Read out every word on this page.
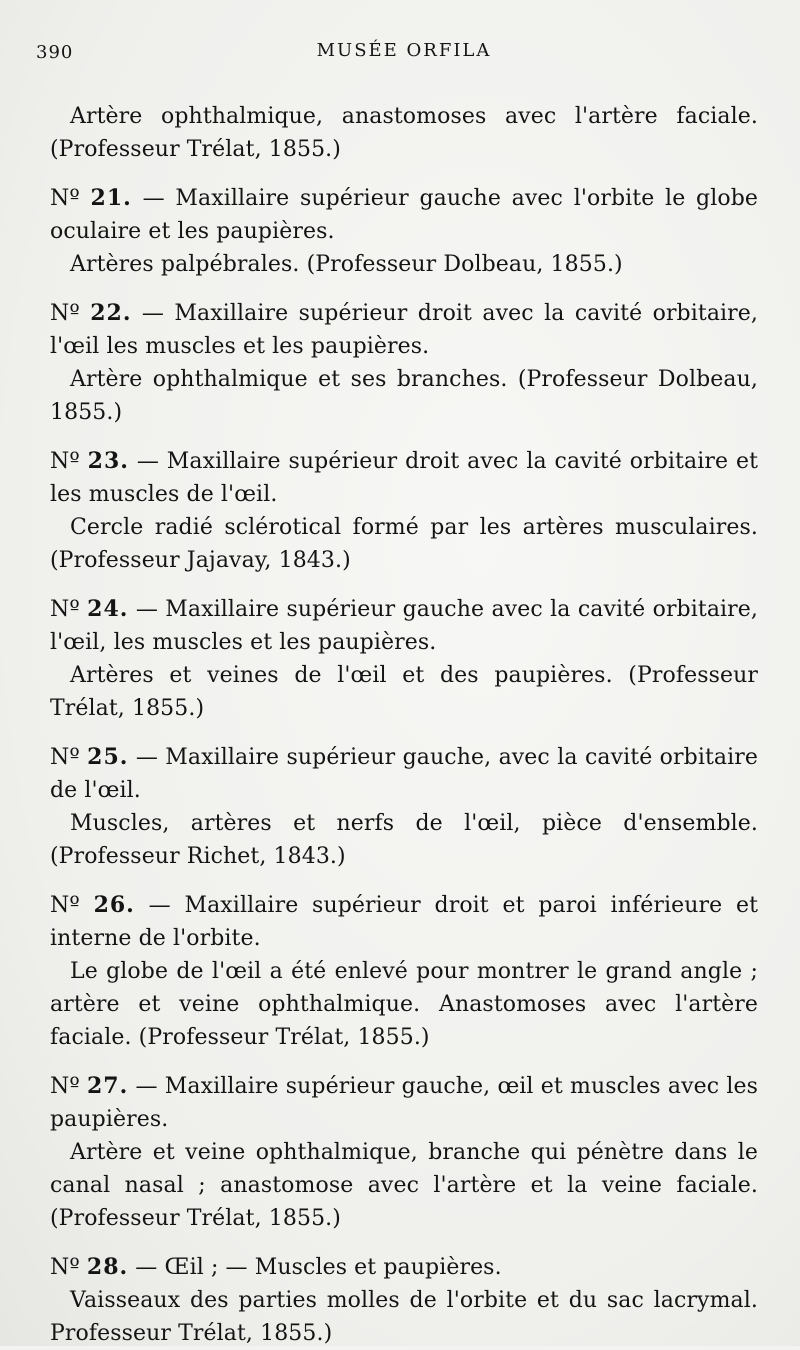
390	MUSÉE ORFILA

Artère ophthalmique, anastomoses avec l'artère faciale. (Professeur Trélat, 1855.)

Nº 21. — Maxillaire supérieur gauche avec l'orbite le globe oculaire et les paupières.

Artères palpébrales. (Professeur Dolbeau, 1855.)

Nº 22. — Maxillaire supérieur droit avec la cavité orbitaire, l'œil les muscles et les paupières.

Artère ophthalmique et ses branches. (Professeur Dolbeau, 1855.)

Nº 23. — Maxillaire supérieur droit avec la cavité orbitaire et les muscles de l'œil.

Cercle radié sclérotical formé par les artères musculaires. (Professeur Jajavay, 1843.)

Nº 24. — Maxillaire supérieur gauche avec la cavité orbitaire, l'œil, les muscles et les paupières.

Artères et veines de l'œil et des paupières. (Professeur Trélat, 1855.)

Nº 25. — Maxillaire supérieur gauche, avec la cavité orbitaire de l'œil.

Muscles, artères et nerfs de l'œil, pièce d'ensemble. (Professeur Richet, 1843.)

Nº 26. — Maxillaire supérieur droit et paroi inférieure et interne de l'orbite.

Le globe de l'œil a été enlevé pour montrer le grand angle ; artère et veine ophthalmique. Anastomoses avec l'artère faciale. (Professeur Trélat, 1855.)

Nº 27. — Maxillaire supérieur gauche, œil et muscles avec les paupières.

Artère et veine ophthalmique, branche qui pénètre dans le canal nasal ; anastomose avec l'artère et la veine faciale. (Professeur Trélat, 1855.)

Nº 28. — Œil ; — Muscles et paupières.

Vaisseaux des parties molles de l'orbite et du sac lacrymal. Professeur Trélat, 1855.)
